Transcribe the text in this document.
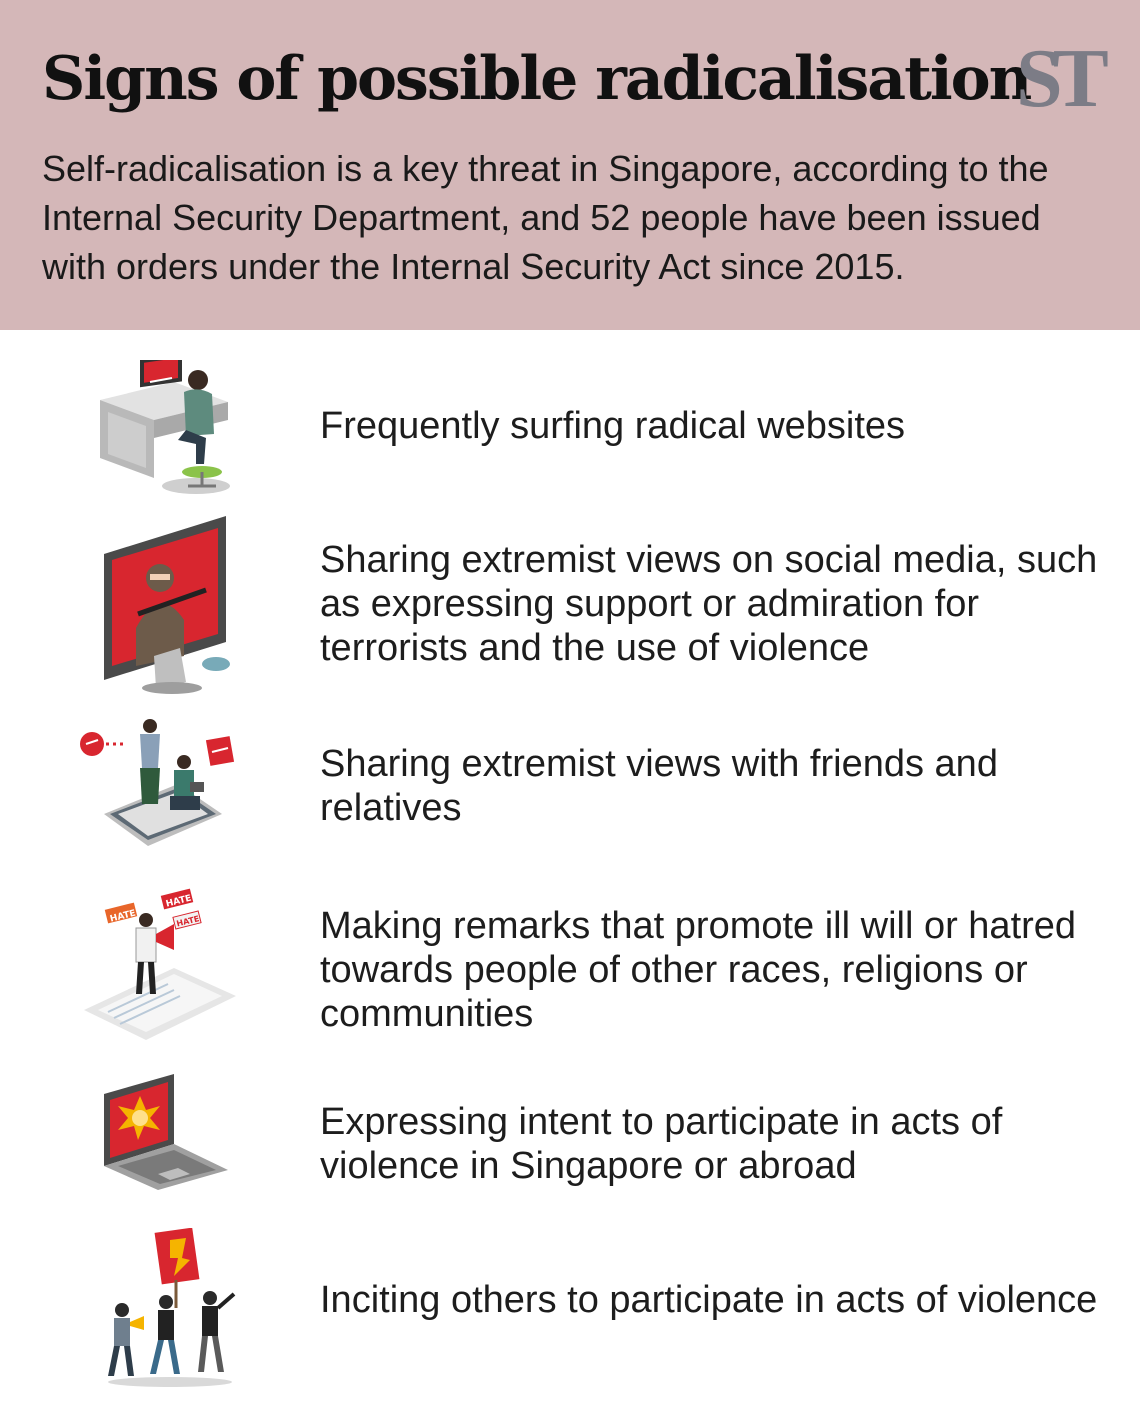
Signs of possible radicalisation
ST

Self-radicalisation is a key threat in Singapore, according to the Internal Security Department, and 52 people have been issued with orders under the Internal Security Act since 2015.

Frequently surfing radical websites

Sharing extremist views on social media, such as expressing support or admiration for terrorists and the use of violence

Sharing extremist views with friends and relatives

HATE
HATE
HATE	Making remarks that promote ill will or hatred towards people of other races, religions or communities

Expressing intent to participate in acts of violence in Singapore or abroad

Inciting others to participate in acts of violence
